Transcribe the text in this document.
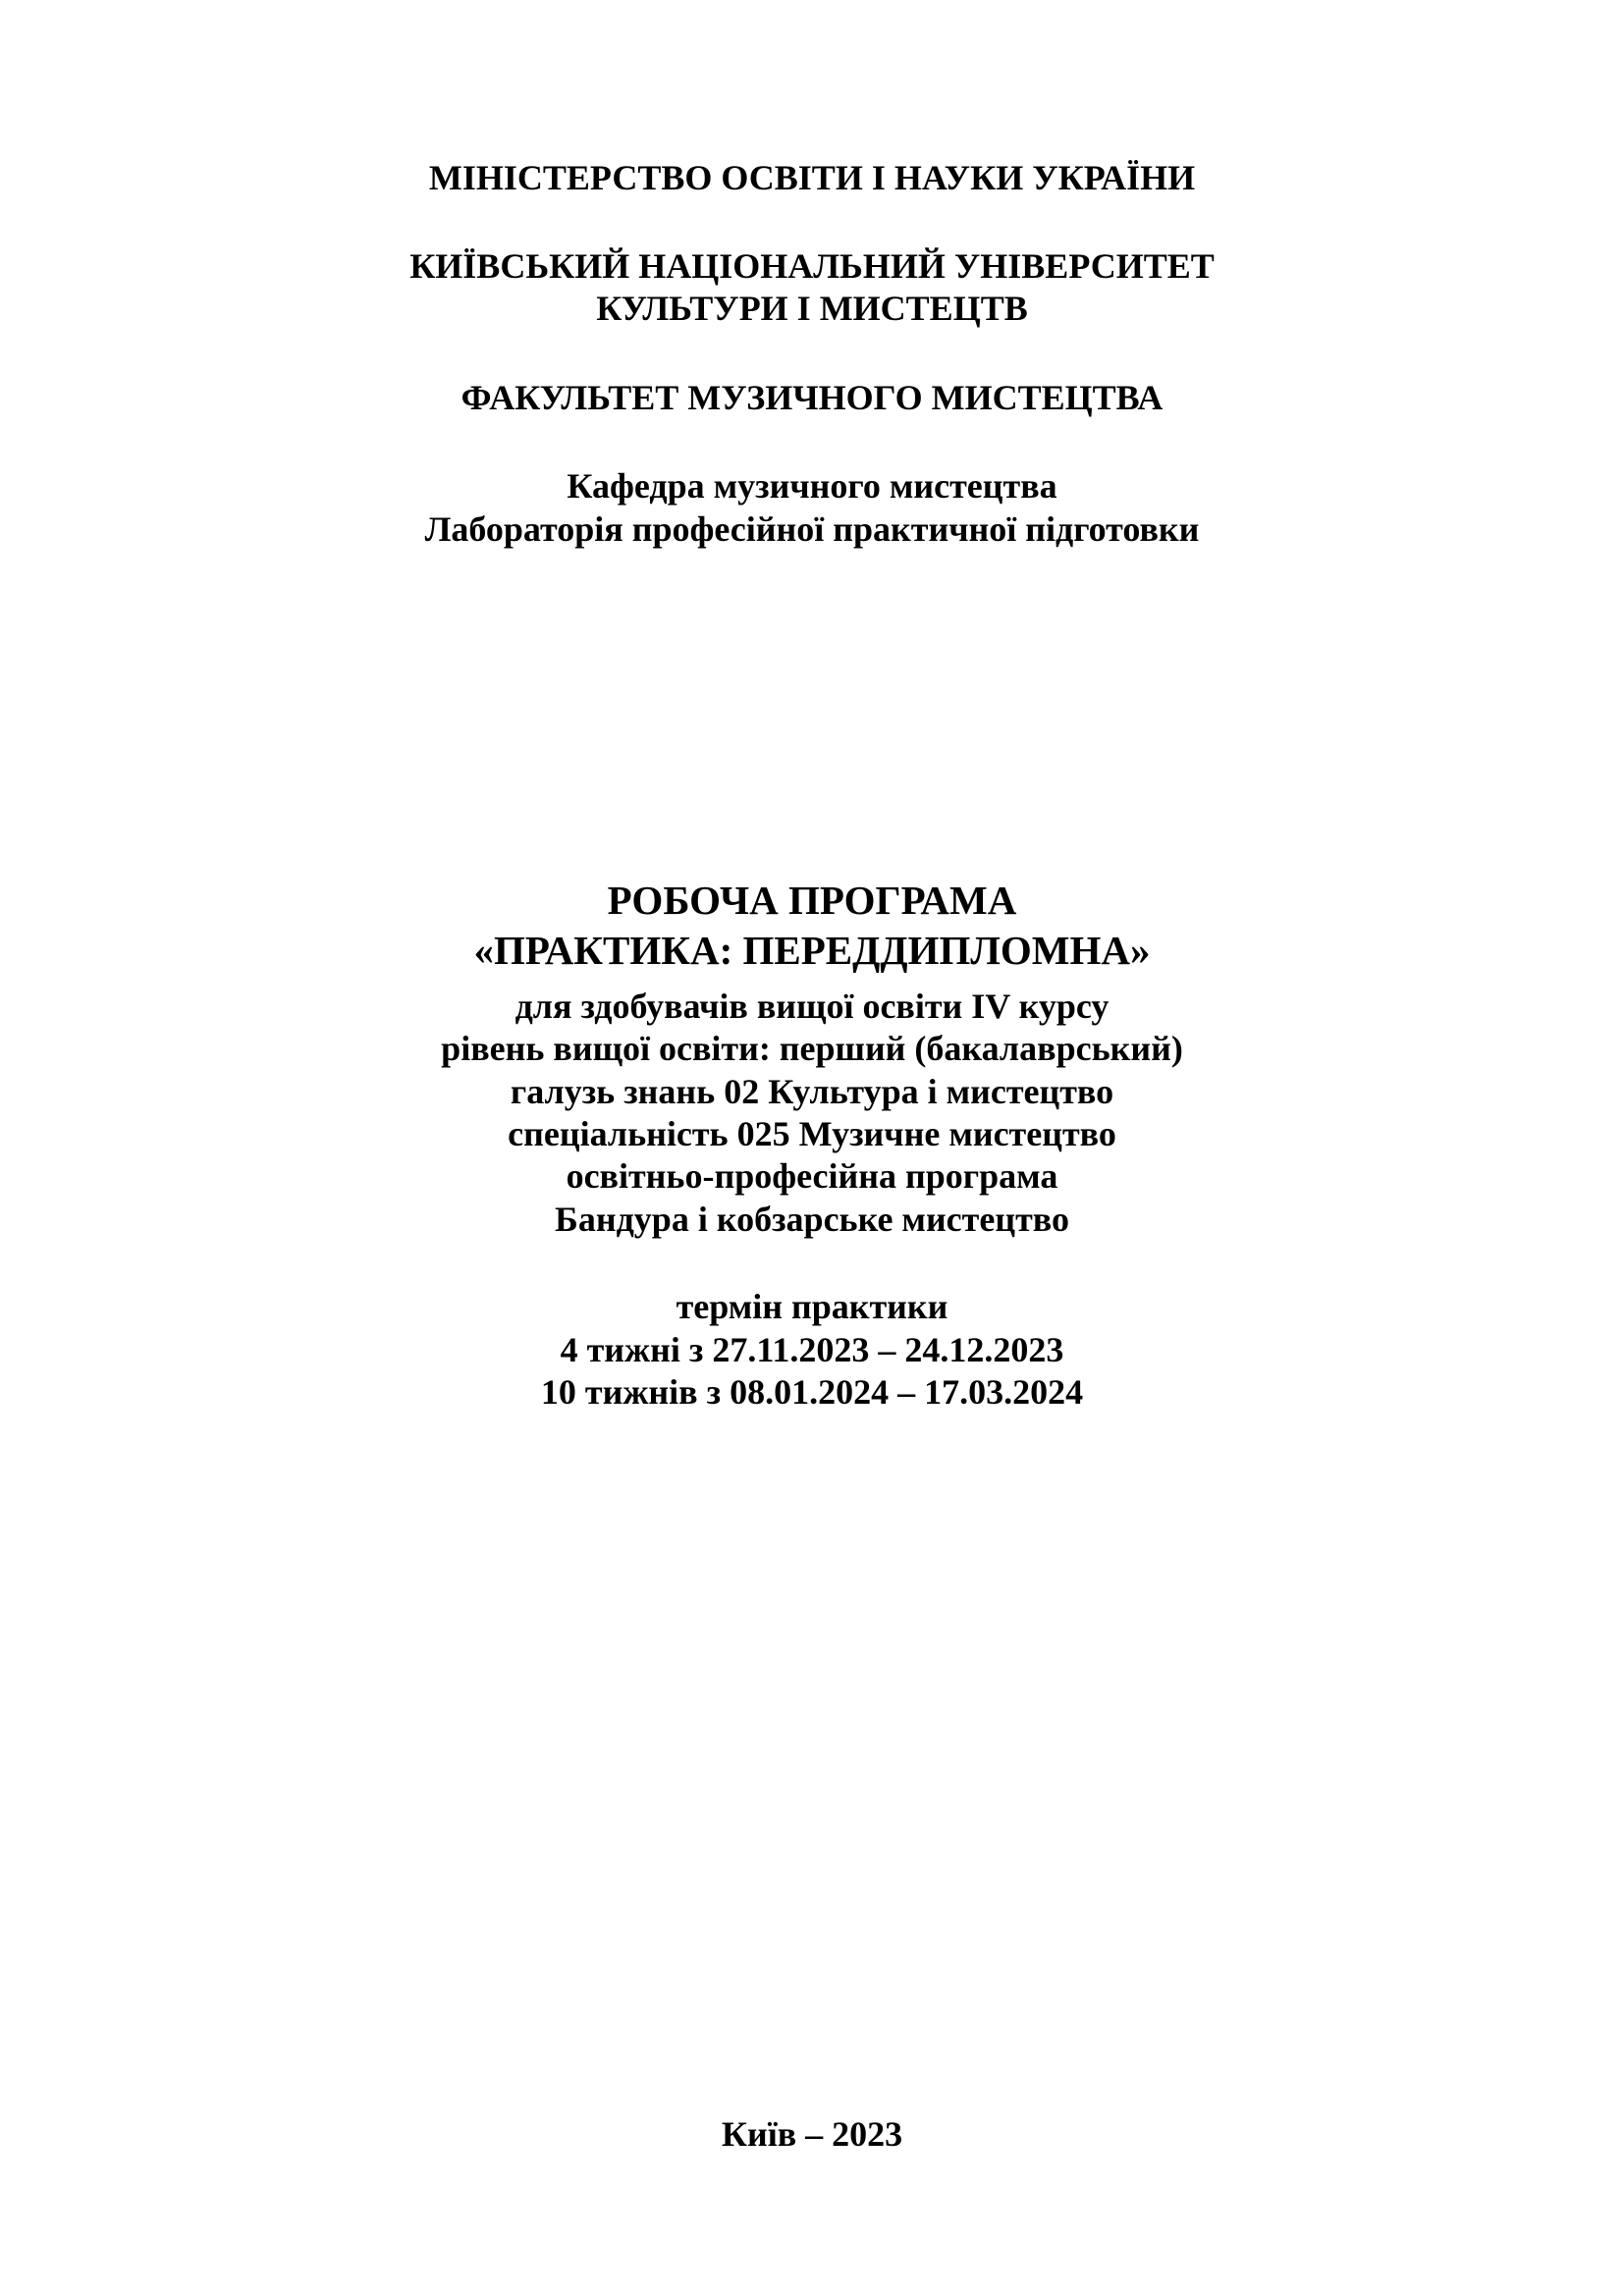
МІНІСТЕРСТВО ОСВІТИ І НАУКИ УКРАЇНИ
КИЇВСЬКИЙ НАЦІОНАЛЬНИЙ УНІВЕРСИТЕТ
КУЛЬТУРИ І МИСТЕЦТВ
ФАКУЛЬТЕТ МУЗИЧНОГО МИСТЕЦТВА
Кафедра музичного мистецтва
Лабораторія професійної практичної підготовки
РОБОЧА ПРОГРАМА
«ПРАКТИКА: ПЕРЕДДИПЛОМНА»
для здобувачів вищої освіти IV курсу
рівень вищої освіти: перший (бакалаврський)
галузь знань 02 Культура і мистецтво
спеціальність 025 Музичне мистецтво
освітньо-професійна програма
Бандура і кобзарське мистецтво
термін практики
4 тижні з 27.11.2023 – 24.12.2023
10 тижнів з 08.01.2024 – 17.03.2024
Київ – 2023
